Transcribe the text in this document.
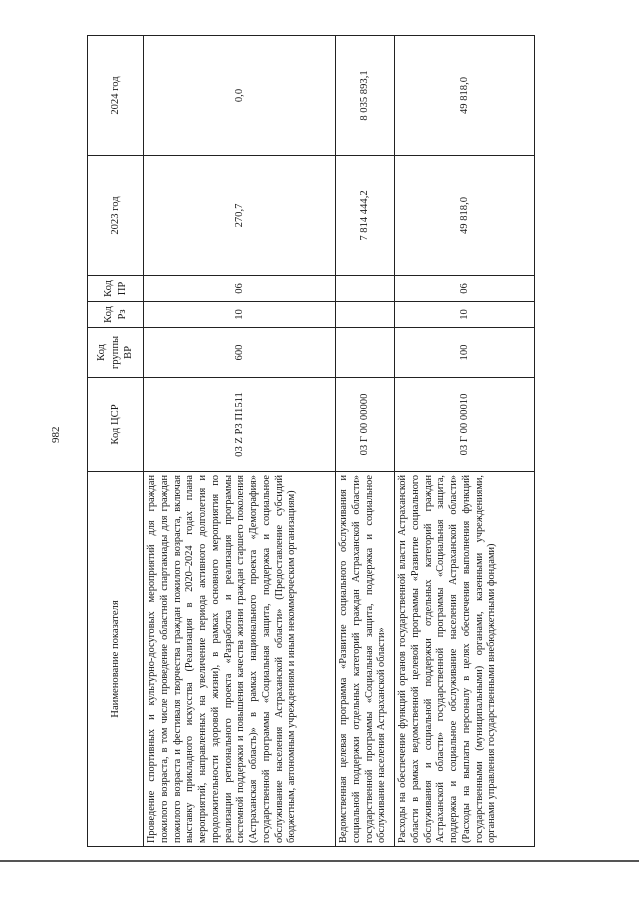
982
Наименование показателя	Код ЦСР	Код группы ВР	Код Рз	Код ПР	2023 год	2024 год
Проведение спортивных и культурно-досуговых мероприятий для граждан пожилого возраста, в том числе проведение областной спартакиады для граждан пожилого возраста и фестиваля творчества граждан пожилого возраста, включая выставку прикладного искусства (Реализация в 2020–2024 годах плана мероприятий, направленных на увеличение периода активного долголетия и продолжительности здоровой жизни), в рамках основного мероприятия по реализации регионального проекта «Разработка и реализация программы системной поддержки и повышения качества жизни граждан старшего поколения (Астраханская область)» в рамках национального проекта «Демография» государственной программы «Социальная защита, поддержка и социальное обслуживание населения Астраханской области» (Предоставление субсидий бюджетным, автономным учреждениям и иным некоммерческим организациям)	03 Z P3 П1511	600	10	06	270,7	0,0
Ведомственная целевая программа «Развитие социального обслуживания и социальной поддержки отдельных категорий граждан Астраханской области» государственной программы «Социальная защита, поддержка и социальное обслуживание населения Астраханской области»	03 Г 00 00000				7 814 444,2	8 035 893,1
Расходы на обеспечение функций органов государственной власти Астраханской области в рамках ведомственной целевой программы «Развитие социального обслуживания и социальной поддержки отдельных категорий граждан Астраханской области» государственной программы «Социальная защита, поддержка и социальное обслуживание населения Астраханской области» (Расходы на выплаты персоналу в целях обеспечения выполнения функций государственными (муниципальными) органами, казенными учреждениями, органами управления государственными внебюджетными фондами)	03 Г 00 00010	100	10	06	49 818,0	49 818,0
